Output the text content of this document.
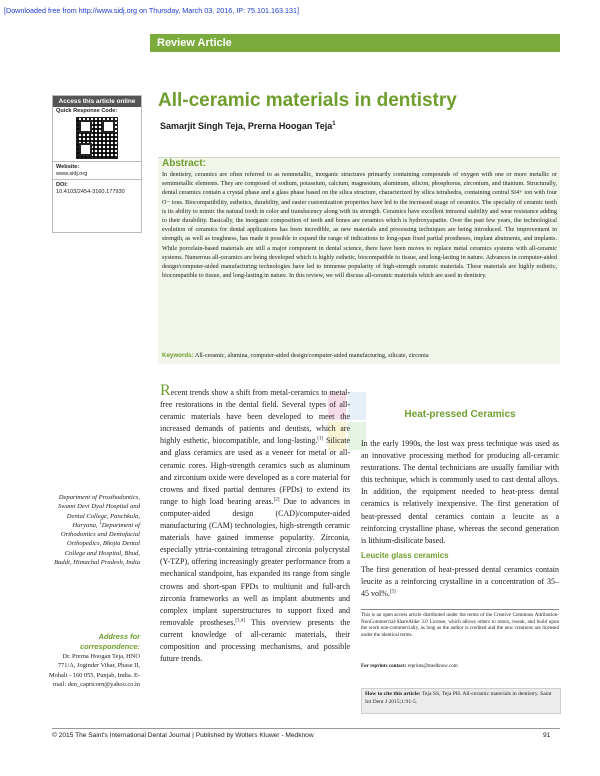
[Downloaded free from http://www.sidj.org on Thursday, March 03, 2016, IP: 75.101.163.131]
Review Article
Access this article online
Quick Response Code:
Website:
www.sidj.org
DOI:
10.4103/2454-3160.177930
All-ceramic materials in dentistry
Samarjit Singh Teja, Prerna Hoogan Teja$^1$
Abstract:
In dentistry, ceramics are often referred to as nonmetallic, inorganic structures primarily containing compounds of oxygen with one or more metallic or semimetallic elements. They are composed of sodium, potassium, calcium, magnesium, aluminum, silicon, phosphorus, zirconium, and titanium. Structurally, dental ceramics contain a crystal phase and a glass phase based on the silica structure, characterized by silica tetrahedra, containing central Si4+ ion with four O− ions. Biocompatibility, esthetics, durability, and easier customization properties have led to the increased usage of ceramics. The specialty of ceramic teeth is its ability to mimic the natural tooth in color and translucency along with its strength. Ceramics have excellent intraoral stability and wear resistance adding to their durability. Basically, the inorganic composition of teeth and bones are ceramics which is hydroxyapatite. Over the past few years, the technological evolution of ceramics for dental applications has been incredible, as new materials and processing techniques are being introduced. The improvement in strength, as well as toughness, has made it possible to expand the range of indications to long-span fixed partial prostheses, implant abutments, and implants. While porcelain-based materials are still a major component in dental science, there have been moves to replace metal ceramics systems with all-ceramic systems. Numerous all-ceramics are being developed which is highly esthetic, biocompatible to tissue, and long-lasting in nature. Advances in computer-aided design/computer-aided manufacturing technologies have led to immense popularity of high-strength ceramic materials. These materials are highly esthetic, biocompatible to tissue, and long-lasting in nature. In this review, we will discuss all-ceramic materials which are used in dentistry.
Keywords: All-ceramic, alumina, computer-aided design/computer-aided manufacturing, silicate, zirconia
Recent trends show a shift from metal-ceramics to metal-free restorations in the dental field. Several types of all-ceramic materials have been developed to meet the increased demands of patients and dentists, which are highly esthetic, biocompatible, and long-lasting.[1] Silicate and glass ceramics are used as a veneer for metal or all-ceramic cores. High-strength ceramics such as aluminum and zirconium oxide were developed as a core material for crowns and fixed partial dentures (FPDs) to extend its range to high load bearing areas.[2] Due to advances in computer-aided design (CAD)/computer-aided manufacturing (CAM) technologies, high-strength ceramic materials have gained immense popularity. Zirconia, especially yttria-containing tetragonal zirconia polycrystal (Y-TZP), offering increasingly greater performance from a mechanical standpoint, has expanded its range from single crowns and short-span FPDs to multiunit and full-arch zirconia frameworks as well as implant abutments and complex implant superstructures to support fixed and removable prostheses.[3,4] This overview presents the current knowledge of all-ceramic materials, their composition and processing mechanisms, and possible future trends.
Heat-pressed Ceramics
In the early 1990s, the lost wax press technique was used as an innovative processing method for producing all-ceramic restorations. The dental technicians are usually familiar with this technique, which is commonly used to cast dental alloys. In addition, the equipment needed to heat-press dental ceramics is relatively inexpensive. The first generation of heat-pressed dental ceramics contain a leucite as a reinforcing crystalline phase, whereas the second generation is lithium-disilicate based.
Leucite glass ceramics
The first generation of heat-pressed dental ceramics contain leucite as a reinforcing crystalline in a concentration of 35–45 vol%.[5]
Department of Prosthodontics, Swami Devi Dyal Hospital and Dental College, Panchkula, Haryana, $^1$Department of Orthodontics and Dentofacial Orthopedics, Bhojia Dental College and Hospital, Bhud, Baddi, Himachal Pradesh, India
Address for correspondence:
Dr. Prerna Hoogan Teja, HNO 771/A, Joginder Vihar, Phase II, Mohali - 160 055, Punjab, India. E-mail: den_capricorn@yahoo.co.in
This is an open access article distributed under the terms of the Creative Commons Attribution-NonCommercial-ShareAlike 3.0 License, which allows others to remix, tweak, and build upon the work non-commercially, as long as the author is credited and the new creations are licensed under the identical terms.
For reprints contact: reprints@medknow.com
How to cite this article: Teja SS, Teja PH. All-ceramic materials in dentistry. Saint Int Dent J 2015;1:91-5.
© 2015 The Saint's International Dental Journal | Published by Wolters Kluwer - Medknow	91
